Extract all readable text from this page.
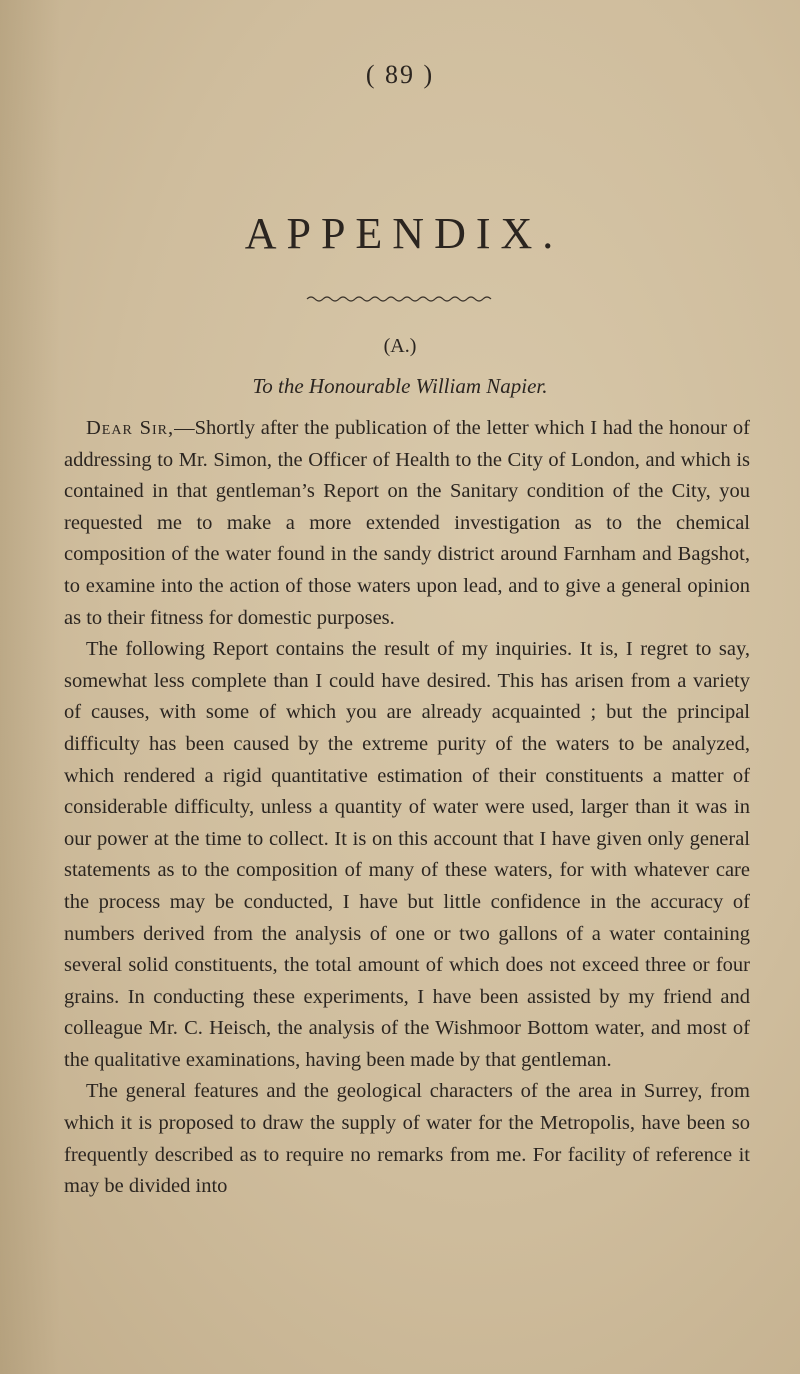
( 89 )
APPENDIX.
(A.)
To the Honourable William Napier.

Dear Sir,—Shortly after the publication of the letter which I had the honour of addressing to Mr. Simon, the Officer of Health to the City of London, and which is contained in that gentleman’s Report on the Sanitary condition of the City, you requested me to make a more extended investigation as to the chemical composition of the water found in the sandy district around Farnham and Bagshot, to examine into the action of those waters upon lead, and to give a general opinion as to their fitness for domestic purposes.

The following Report contains the result of my inquiries. It is, I regret to say, somewhat less complete than I could have desired. This has arisen from a variety of causes, with some of which you are already acquainted ; but the principal difficulty has been caused by the extreme purity of the waters to be analyzed, which rendered a rigid quantitative estimation of their constituents a matter of considerable difficulty, unless a quantity of water were used, larger than it was in our power at the time to collect. It is on this account that I have given only general statements as to the composition of many of these waters, for with whatever care the process may be conducted, I have but little confidence in the accuracy of numbers derived from the analysis of one or two gallons of a water containing several solid constituents, the total amount of which does not exceed three or four grains. In conducting these experiments, I have been assisted by my friend and colleague Mr. C. Heisch, the analysis of the Wishmoor Bottom water, and most of the qualitative examinations, having been made by that gentleman.

The general features and the geological characters of the area in Surrey, from which it is proposed to draw the supply of water for the Metropolis, have been so frequently described as to require no remarks from me. For facility of reference it may be divided into
